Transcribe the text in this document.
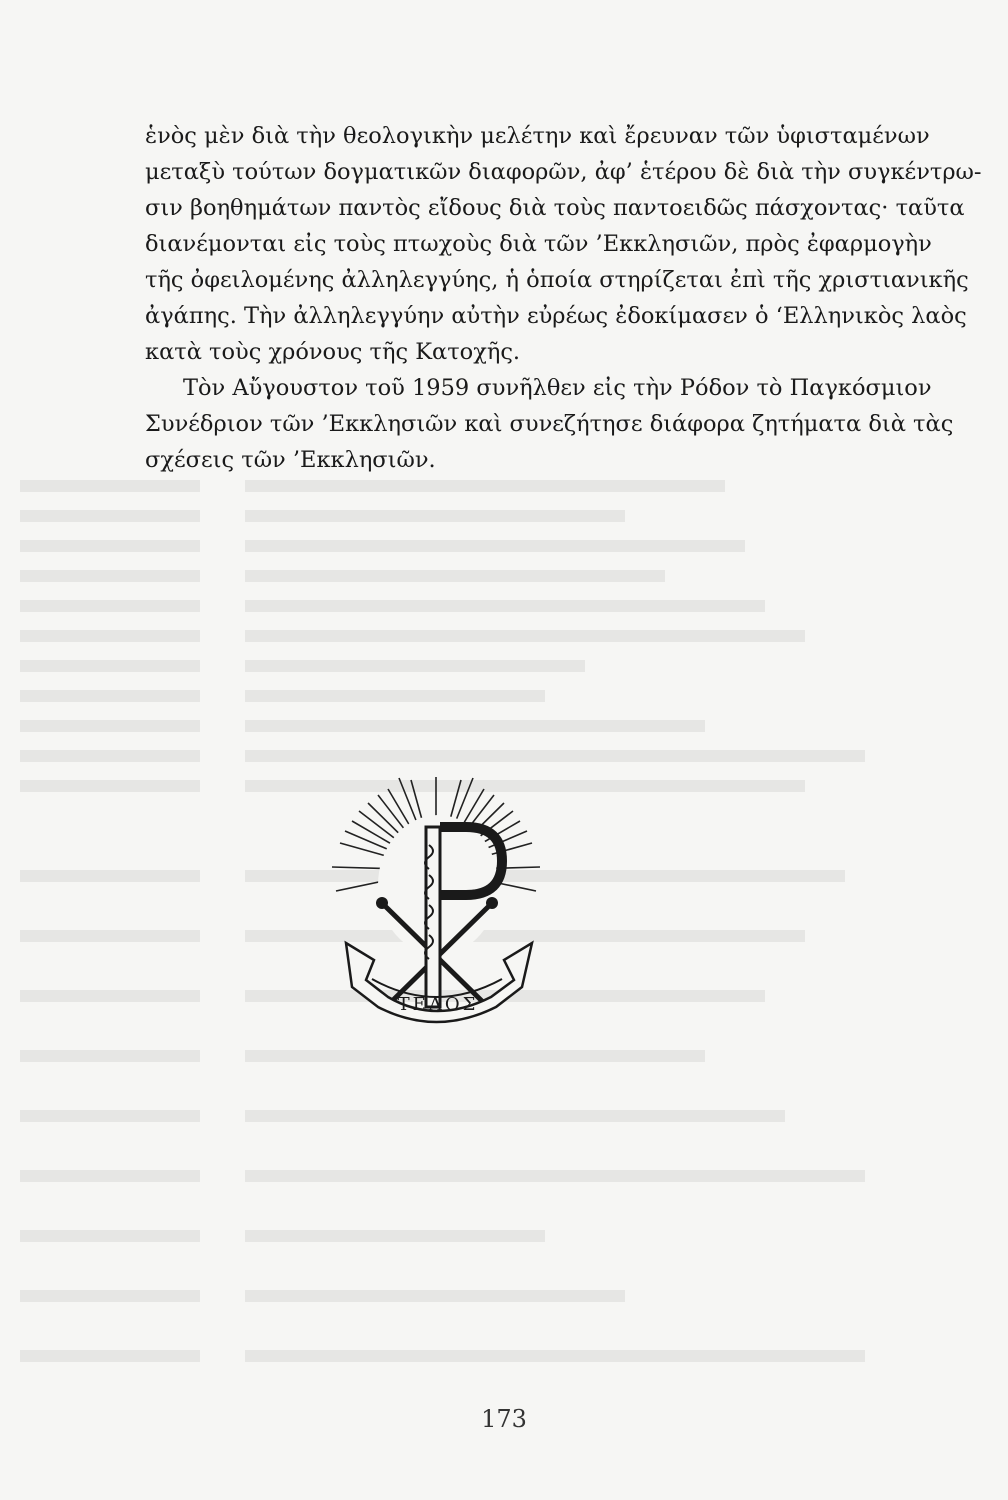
ἑνὸς μὲν διὰ τὴν θεολογικὴν μελέτην καὶ ἔρευναν τῶν ὑφισταμένων
μεταξὺ τούτων δογματικῶν διαφορῶν, ἀφ’ ἑτέρου δὲ διὰ τὴν συγκέντρω-
σιν βοηθημάτων παντὸς εἴδους διὰ τοὺς παντοειδῶς πάσχοντας· ταῦτα
διανέμονται εἰς τοὺς πτωχοὺς διὰ τῶν ’Εκκλησιῶν, πρὸς ἐφαρμογὴν
τῆς ὀφειλομένης ἀλληλεγγύης, ἡ ὁποία στηρίζεται ἐπὶ τῆς χριστιανικῆς
ἀγάπης. Τὴν ἀλληλεγγύην αὐτὴν εὐρέως ἐδοκίμασεν ὁ ‘Ελληνικὸς λαὸς
κατὰ τοὺς χρόνους τῆς Κατοχῆς.
Τὸν Αὔγουστον τοῦ 1959 συνῆλθεν εἰς τὴν Ρόδον τὸ Παγκόσμιον
Συνέδριον τῶν ’Εκκλησιῶν καὶ συνεζήτησε διάφορα ζητήματα διὰ τὰς
σχέσεις τῶν ’Εκκλησιῶν.
ΤΕΛΟΣ
173
